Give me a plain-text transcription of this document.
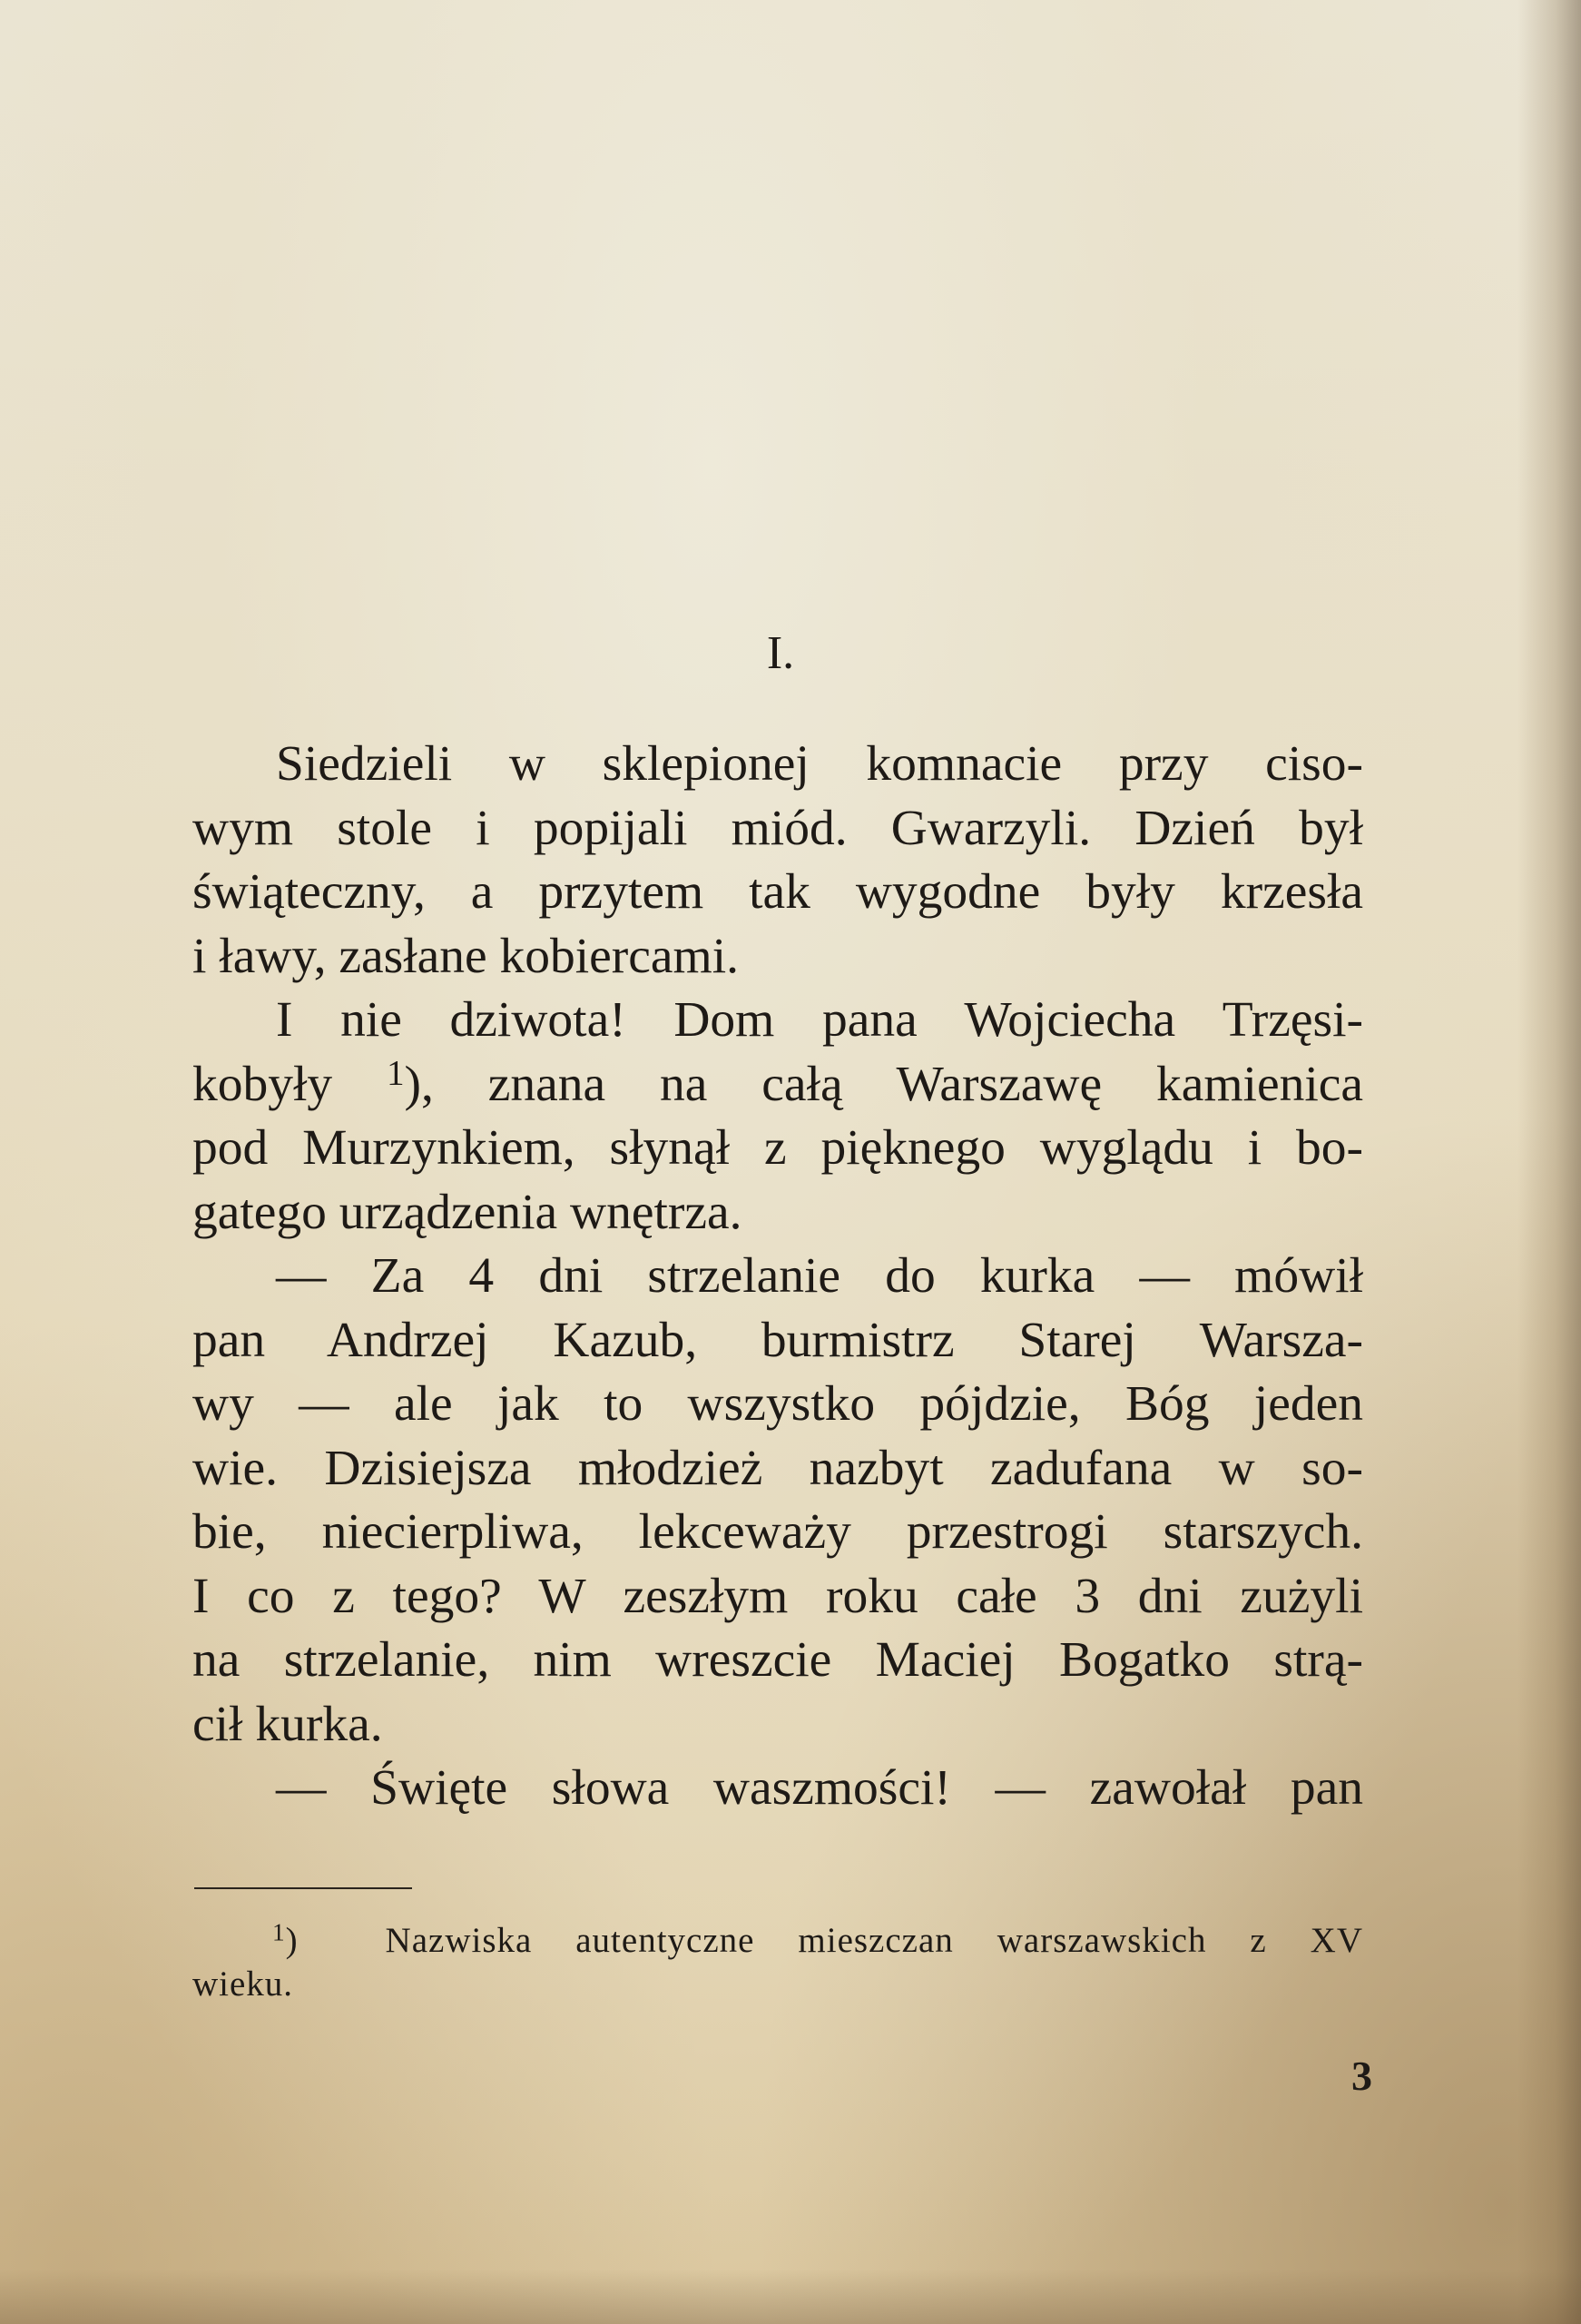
I.

Siedzieli w sklepionej komnacie przy ciso-
wym stole i popijali miód. Gwarzyli. Dzień był
świąteczny, a przytem tak wygodne były krzesła

i ławy, zasłane kobiercami.

I nie dziwota! Dom pana Wojciecha Trzęsi-
kobyły $^1$), znana na całą Warszawę kamienica
pod Murzynkiem, słynął z pięknego wyglądu i bo-

gatego urządzenia wnętrza.

— Za 4 dni strzelanie do kurka — mówił
pan Andrzej Kazub, burmistrz Starej Warsza-
wy — ale jak to wszystko pójdzie, Bóg jeden
wie. Dzisiejsza młodzież nazbyt zadufana w so-
bie, niecierpliwa, lekceważy przestrogi starszych.
I co z tego? W zeszłym roku całe 3 dni zużyli
na strzelanie, nim wreszcie Maciej Bogatko strą-

cił kurka.

— Święte słowa waszmości! — zawołał pan

$^1$) Nazwiska autentyczne mieszczan warszawskich z XV
wieku.
3
